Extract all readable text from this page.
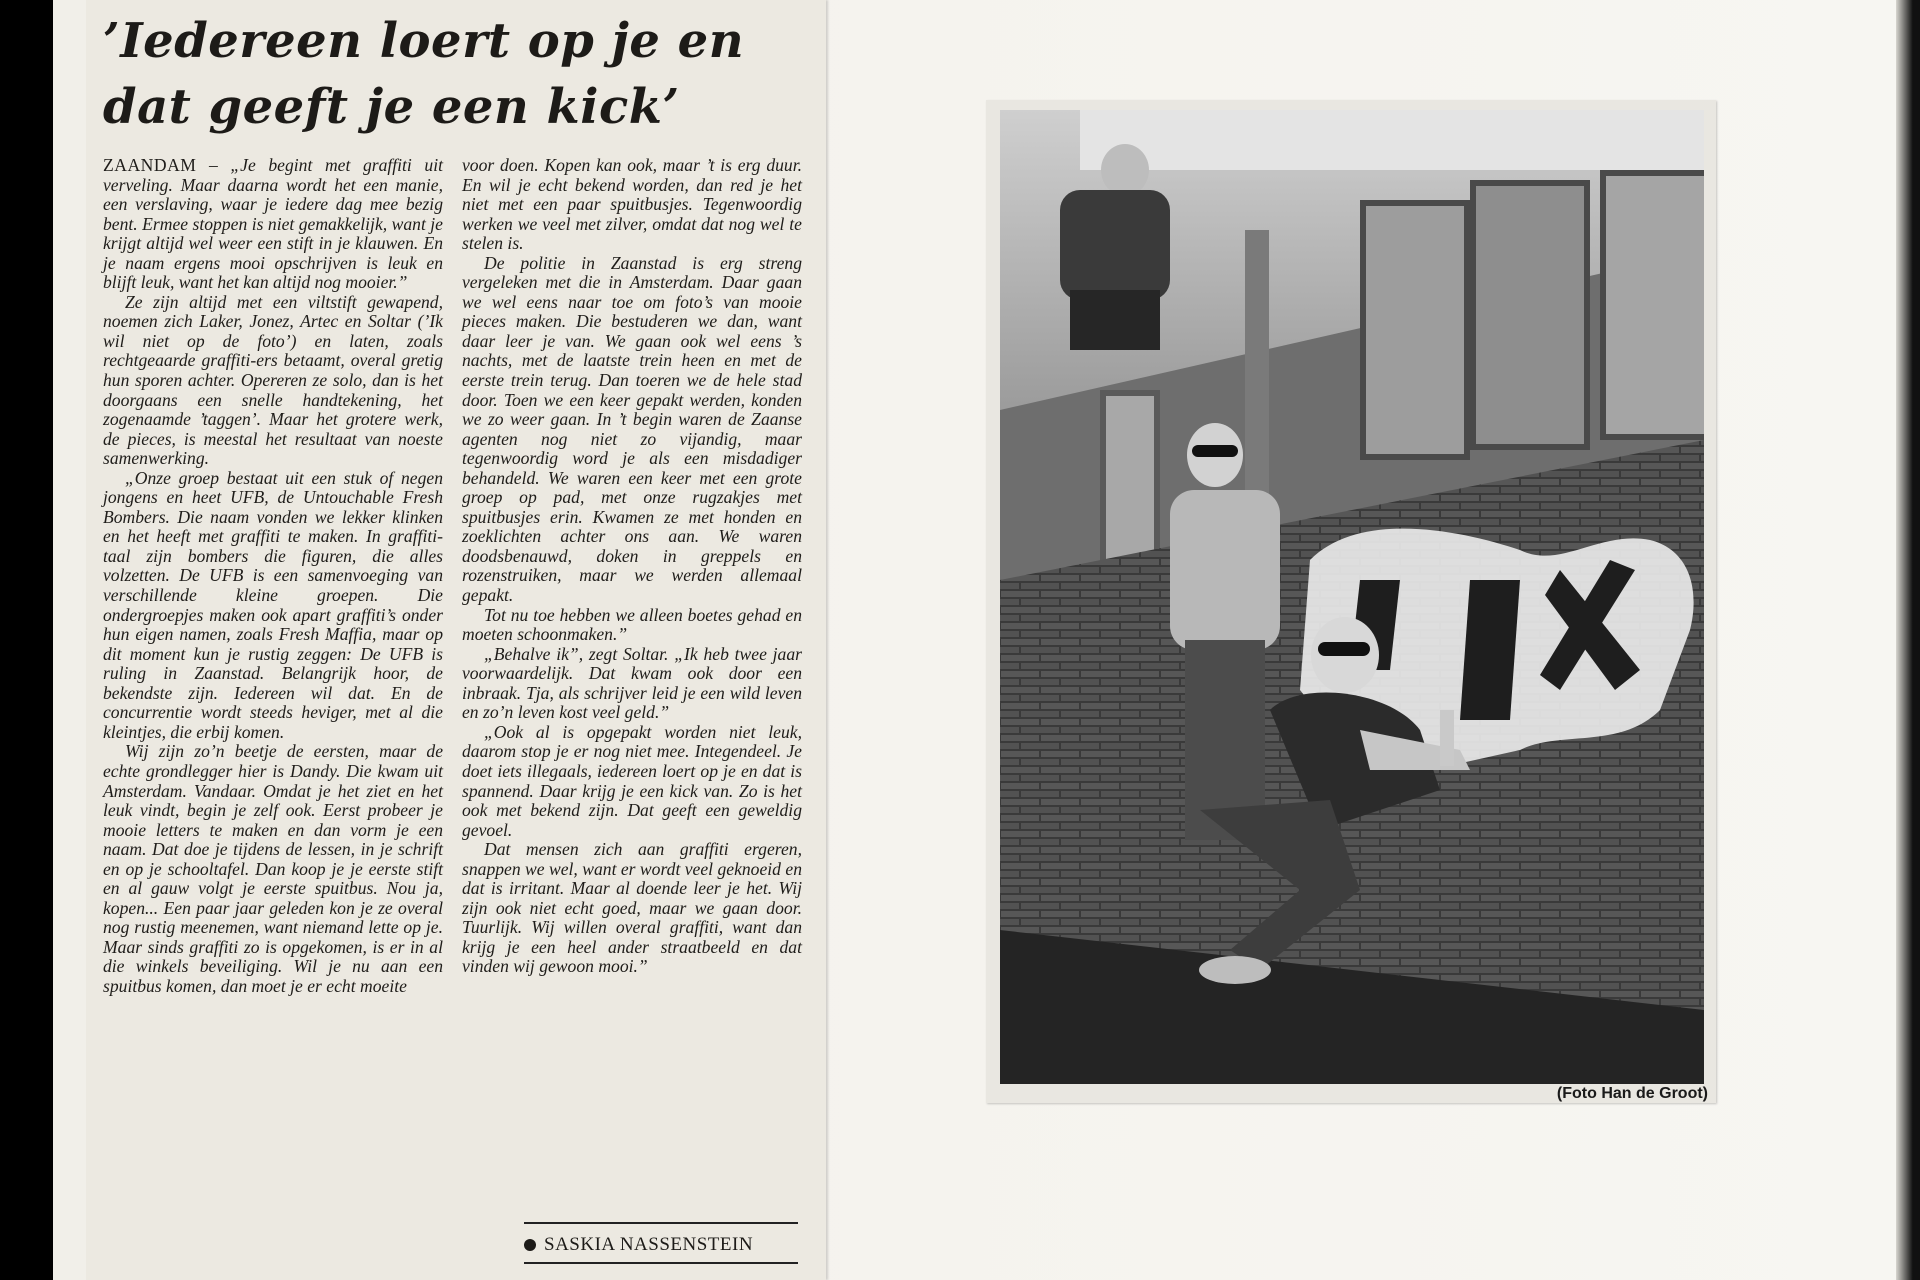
’Iedereen loert op je en dat geeft je een kick’

ZAANDAM – „Je begint met graffiti uit verveling. Maar daarna wordt het een manie, een verslaving, waar je iedere dag mee bezig bent. Ermee stoppen is niet gemakkelijk, want je krijgt altijd wel weer een stift in je klauwen. En je naam ergens mooi opschrijven is leuk en blijft leuk, want het kan altijd nog mooier.”

Ze zijn altijd met een viltstift gewapend, noemen zich Laker, Jonez, Artec en Soltar (’Ik wil niet op de foto’) en laten, zoals rechtgeaarde graffiti-ers betaamt, overal gretig hun sporen achter. Opereren ze solo, dan is het doorgaans een snelle handtekening, het zogenaamde ’taggen’. Maar het grotere werk, de pieces, is meestal het resultaat van noeste samenwerking.

„Onze groep bestaat uit een stuk of negen jongens en heet UFB, de Untouchable Fresh Bombers. Die naam vonden we lekker klinken en het heeft met graffiti te maken. In graffiti-taal zijn bombers die figuren, die alles volzetten. De UFB is een samenvoeging van verschillende kleine groepen. Die ondergroepjes maken ook apart graffiti’s onder hun eigen namen, zoals Fresh Maffia, maar op dit moment kun je rustig zeggen: De UFB is ruling in Zaanstad. Belangrijk hoor, de bekendste zijn. Iedereen wil dat. En de concurrentie wordt steeds heviger, met al die kleintjes, die erbij komen.

Wij zijn zo’n beetje de eersten, maar de echte grondlegger hier is Dandy. Die kwam uit Amsterdam. Vandaar. Omdat je het ziet en het leuk vindt, begin je zelf ook. Eerst probeer je mooie letters te maken en dan vorm je een naam. Dat doe je tijdens de lessen, in je schrift en op je schooltafel. Dan koop je je eerste stift en al gauw volgt je eerste spuitbus. Nou ja, kopen... Een paar jaar geleden kon je ze overal nog rustig meenemen, want niemand lette op je. Maar sinds graffiti zo is opgekomen, is er in al die winkels beveiliging. Wil je nu aan een spuitbus komen, dan moet je er echt moeite

voor doen. Kopen kan ook, maar ’t is erg duur. En wil je echt bekend worden, dan red je het niet met een paar spuitbusjes. Tegenwoordig werken we veel met zilver, omdat dat nog wel te stelen is.

De politie in Zaanstad is erg streng vergeleken met die in Amsterdam. Daar gaan we wel eens naar toe om foto’s van mooie pieces maken. Die bestuderen we dan, want daar leer je van. We gaan ook wel eens ’s nachts, met de laatste trein heen en met de eerste trein terug. Dan toeren we de hele stad door. Toen we een keer gepakt werden, konden we zo weer gaan. In ’t begin waren de Zaanse agenten nog niet zo vijandig, maar tegenwoordig word je als een misdadiger behandeld. We waren een keer met een grote groep op pad, met onze rugzakjes met spuitbusjes erin. Kwamen ze met honden en zoeklichten achter ons aan. We waren doodsbenauwd, doken in greppels en rozenstruiken, maar we werden allemaal gepakt.

Tot nu toe hebben we alleen boetes gehad en moeten schoonmaken.”

„Behalve ik”, zegt Soltar. „Ik heb twee jaar voorwaardelijk. Dat kwam ook door een inbraak. Tja, als schrijver leid je een wild leven en zo’n leven kost veel geld.”

„Ook al is opgepakt worden niet leuk, daarom stop je er nog niet mee. Integendeel. Je doet iets illegaals, iedereen loert op je en dat is spannend. Daar krijg je een kick van. Zo is het ook met bekend zijn. Dat geeft een geweldig gevoel.

Dat mensen zich aan graffiti ergeren, snappen we wel, want er wordt veel geknoeid en dat is irritant. Maar al doende leer je het. Wij zijn ook niet echt goed, maar we gaan door. Tuurlijk. Wij willen overal graffiti, want dan krijg je een heel ander straatbeeld en dat vinden wij gewoon mooi.”

SASKIA NASSENSTEIN
(Foto Han de Groot)
